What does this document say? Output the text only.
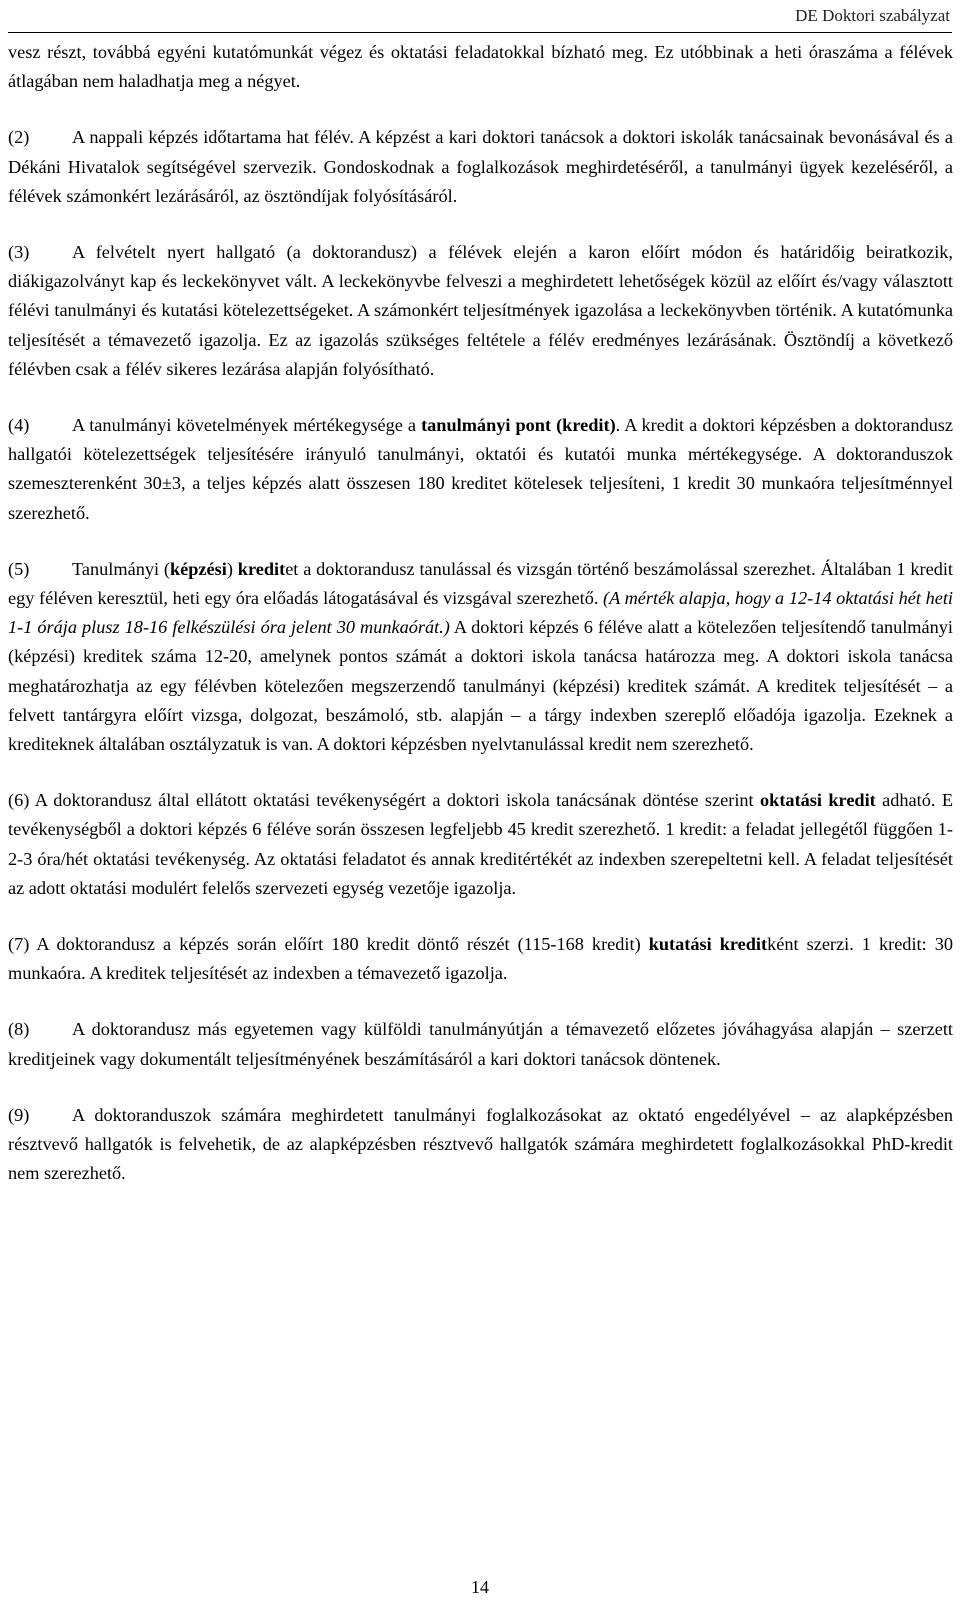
DE Doktori szabályzat

vesz részt, továbbá egyéni kutatómunkát végez és oktatási feladatokkal bízható meg. Ez utóbbinak a heti óraszáma a félévek átlagában nem haladhatja meg a négyet.

(2) A nappali képzés időtartama hat félév. A képzést a kari doktori tanácsok a doktori iskolák tanácsainak bevonásával és a Dékáni Hivatalok segítségével szervezik. Gondoskodnak a foglalkozások meghirdetéséről, a tanulmányi ügyek kezeléséről, a félévek számonkért lezárásáról, az ösztöndíjak folyósításáról.

(3) A felvételt nyert hallgató (a doktorandusz) a félévek elején a karon előírt módon és határidőig beiratkozik, diákigazolványt kap és leckekönyvet vált. A leckekönyvbe felveszi a meghirdetett lehetőségek közül az előírt és/vagy választott félévi tanulmányi és kutatási kötelezettségeket. A számonkért teljesítmények igazolása a leckekönyvben történik. A kutatómunka teljesítését a témavezető igazolja. Ez az igazolás szükséges feltétele a félév eredményes lezárásának. Ösztöndíj a következő félévben csak a félév sikeres lezárása alapján folyósítható.

(4) A tanulmányi követelmények mértékegysége a tanulmányi pont (kredit). A kredit a doktori képzésben a doktorandusz hallgatói kötelezettségek teljesítésére irányuló tanulmányi, oktatói és kutatói munka mértékegysége. A doktoranduszok szemeszterenként 30±3, a teljes képzés alatt összesen 180 kreditet kötelesek teljesíteni, 1 kredit 30 munkaóra teljesítménnyel szerezhető.

(5) Tanulmányi (képzési) kreditet a doktorandusz tanulással és vizsgán történő beszámolással szerezhet. Általában 1 kredit egy féléven keresztül, heti egy óra előadás látogatásával és vizsgával szerezhető. (A mérték alapja, hogy a 12-14 oktatási hét heti 1-1 órája plusz 18-16 felkészülési óra jelent 30 munkaórát.) A doktori képzés 6 féléve alatt a kötelezően teljesítendő tanulmányi (képzési) kreditek száma 12-20, amelynek pontos számát a doktori iskola tanácsa határozza meg. A doktori iskola tanácsa meghatározhatja az egy félévben kötelezően megszerzendő tanulmányi (képzési) kreditek számát. A kreditek teljesítését – a felvett tantárgyra előírt vizsga, dolgozat, beszámoló, stb. alapján – a tárgy indexben szereplő előadója igazolja. Ezeknek a krediteknek általában osztályzatuk is van. A doktori képzésben nyelvtanulással kredit nem szerezhető.

(6) A doktorandusz által ellátott oktatási tevékenységért a doktori iskola tanácsának döntése szerint oktatási kredit adható. E tevékenységből a doktori képzés 6 féléve során összesen legfeljebb 45 kredit szerezhető. 1 kredit: a feladat jellegétől függően 1-2-3 óra/hét oktatási tevékenység. Az oktatási feladatot és annak kreditértékét az indexben szerepeltetni kell. A feladat teljesítését az adott oktatási modulért felelős szervezeti egység vezetője igazolja.

(7) A doktorandusz a képzés során előírt 180 kredit döntő részét (115-168 kredit) kutatási kreditként szerzi. 1 kredit: 30 munkaóra. A kreditek teljesítését az indexben a témavezető igazolja.

(8) A doktorandusz más egyetemen vagy külföldi tanulmányútján a témavezető előzetes jóváhagyása alapján – szerzett kreditjeinek vagy dokumentált teljesítményének beszámításáról a kari doktori tanácsok döntenek.

(9) A doktoranduszok számára meghirdetett tanulmányi foglalkozásokat az oktató engedélyével – az alapképzésben résztvevő hallgatók is felvehetik, de az alapképzésben résztvevő hallgatók számára meghirdetett foglalkozásokkal PhD-kredit nem szerezhető.

14
